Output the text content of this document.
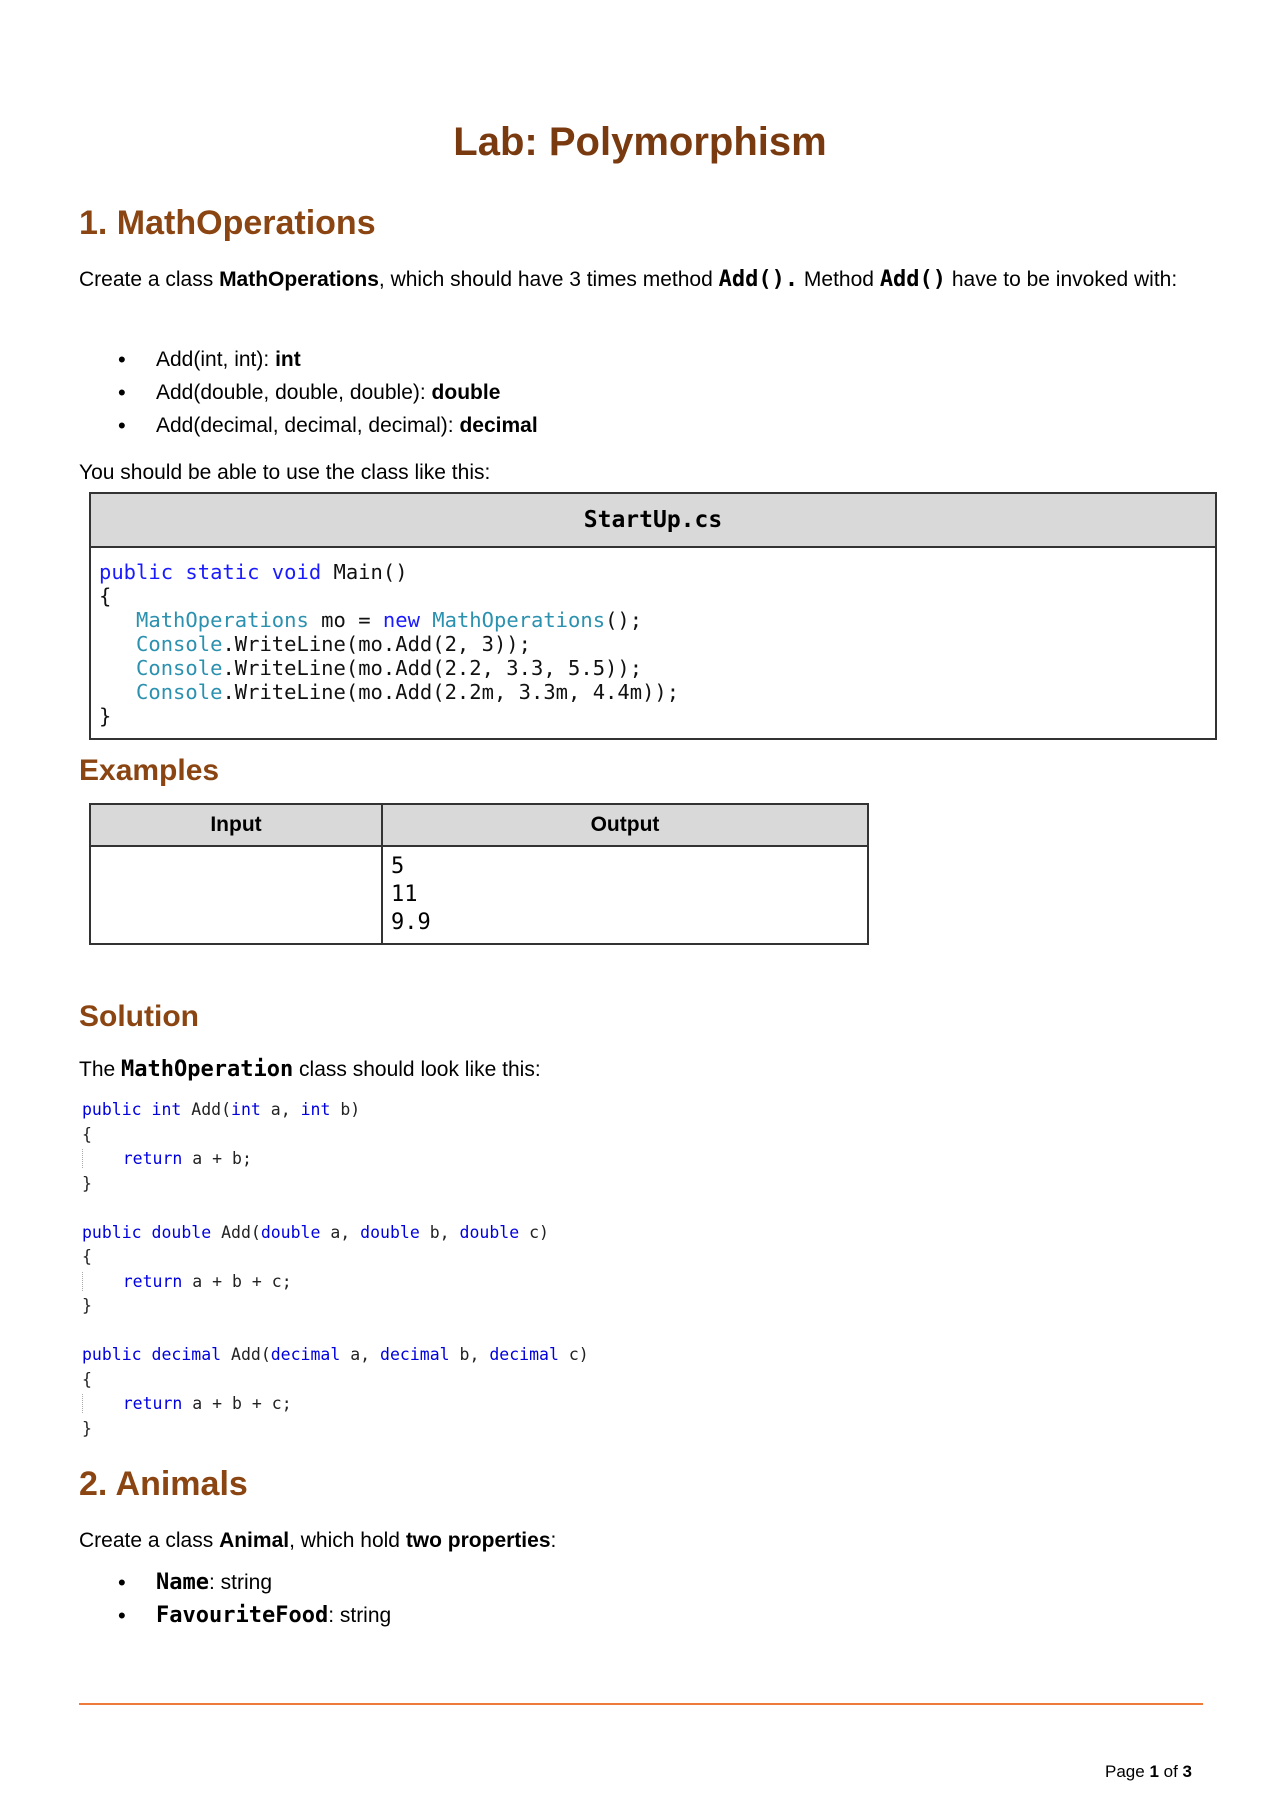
Lab: Polymorphism
1. MathOperations
Create a class MathOperations, which should have 3 times method Add(). Method Add() have to be invoked with:
• Add(int, int): int
• Add(double, double, double): double
• Add(decimal, decimal, decimal): decimal
You should be able to use the class like this:
StartUp.cs
public static void Main()
{
MathOperations mo = new MathOperations();
Console.WriteLine(mo.Add(2, 3));
Console.WriteLine(mo.Add(2.2, 3.3, 5.5));
Console.WriteLine(mo.Add(2.2m, 3.3m, 4.4m));
}
Examples
Input	Output
	5
11
9.9
Solution
The MathOperation class should look like this:
public int Add(int a, int b)
{
return a + b;
}

public double Add(double a, double b, double c)
{
return a + b + c;
}

public decimal Add(decimal a, decimal b, decimal c)
{
return a + b + c;
}
2. Animals
Create a class Animal, which hold two properties:
• Name: string
• FavouriteFood: string
Page 1 of 3
